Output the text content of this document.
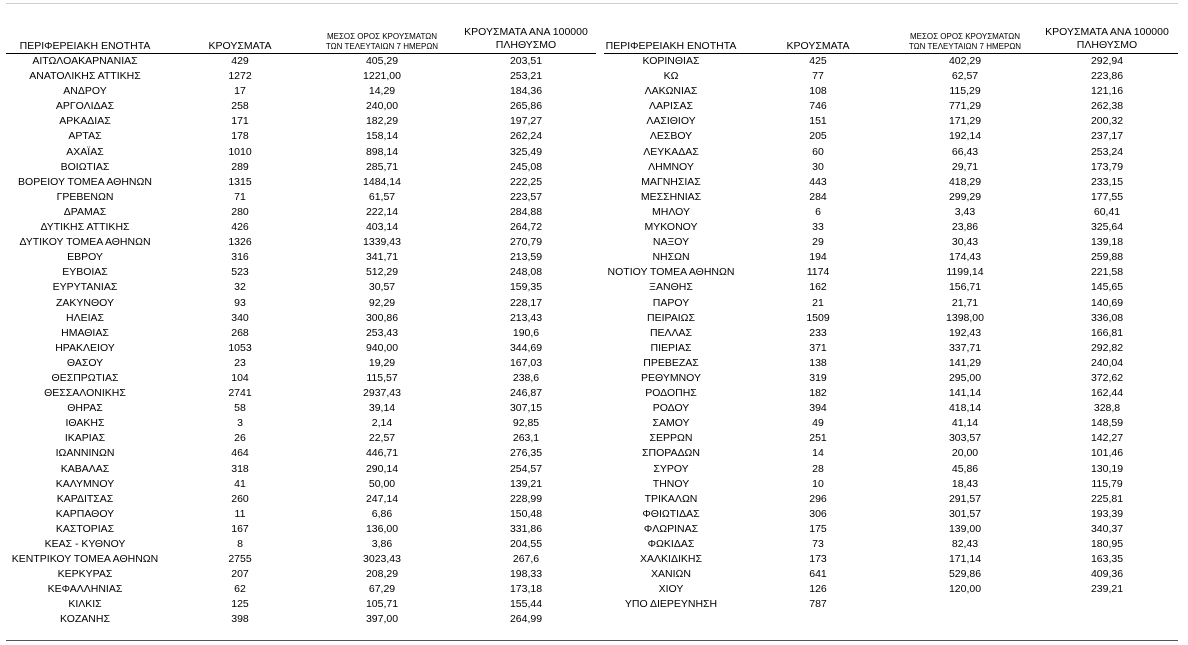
ΠΕΡΙΦΕΡΕΙΑΚΗ ΕΝΟΤΗΤΑ	ΚΡΟΥΣΜΑΤΑ
ΜΕΣΟΣ ΟΡΟΣ ΚΡΟΥΣΜΑΤΩΝ
ΤΩΝ ΤΕΛΕΥΤΑΙΩΝ 7 ΗΜΕΡΩΝ
ΚΡΟΥΣΜΑΤΑ ΑΝΑ 100000
ΠΛΗΘΥΣΜΟ
ΑΙΤΩΛΟΑΚΑΡΝΑΝΙΑΣ	429	405,29	203,51
ΑΝΑΤΟΛΙΚΗΣ ΑΤΤΙΚΗΣ	1272	1221,00	253,21
ΑΝΔΡΟΥ	17	14,29	184,36
ΑΡΓΟΛΙΔΑΣ	258	240,00	265,86
ΑΡΚΑΔΙΑΣ	171	182,29	197,27
ΑΡΤΑΣ	178	158,14	262,24
ΑΧΑΪΑΣ	1010	898,14	325,49
ΒΟΙΩΤΙΑΣ	289	285,71	245,08
ΒΟΡΕΙΟΥ ΤΟΜΕΑ ΑΘΗΝΩΝ	1315	1484,14	222,25
ΓΡΕΒΕΝΩΝ	71	61,57	223,57
ΔΡΑΜΑΣ	280	222,14	284,88
ΔΥΤΙΚΗΣ ΑΤΤΙΚΗΣ	426	403,14	264,72
ΔΥΤΙΚΟΥ ΤΟΜΕΑ ΑΘΗΝΩΝ	1326	1339,43	270,79
ΕΒΡΟΥ	316	341,71	213,59
ΕΥΒΟΙΑΣ	523	512,29	248,08
ΕΥΡΥΤΑΝΙΑΣ	32	30,57	159,35
ΖΑΚΥΝΘΟΥ	93	92,29	228,17
ΗΛΕΙΑΣ	340	300,86	213,43
ΗΜΑΘΙΑΣ	268	253,43	190,6
ΗΡΑΚΛΕΙΟΥ	1053	940,00	344,69
ΘΑΣΟΥ	23	19,29	167,03
ΘΕΣΠΡΩΤΙΑΣ	104	115,57	238,6
ΘΕΣΣΑΛΟΝΙΚΗΣ	2741	2937,43	246,87
ΘΗΡΑΣ	58	39,14	307,15
ΙΘΑΚΗΣ	3	2,14	92,85
ΙΚΑΡΙΑΣ	26	22,57	263,1
ΙΩΑΝΝΙΝΩΝ	464	446,71	276,35
ΚΑΒΑΛΑΣ	318	290,14	254,57
ΚΑΛΥΜΝΟΥ	41	50,00	139,21
ΚΑΡΔΙΤΣΑΣ	260	247,14	228,99
ΚΑΡΠΑΘΟΥ	11	6,86	150,48
ΚΑΣΤΟΡΙΑΣ	167	136,00	331,86
ΚΕΑΣ - ΚΥΘΝΟΥ	8	3,86	204,55
ΚΕΝΤΡΙΚΟΥ ΤΟΜΕΑ ΑΘΗΝΩΝ	2755	3023,43	267,6
ΚΕΡΚΥΡΑΣ	207	208,29	198,33
ΚΕΦΑΛΛΗΝΙΑΣ	62	67,29	173,18
ΚΙΛΚΙΣ	125	105,71	155,44
ΚΟΖΑΝΗΣ	398	397,00	264,99
ΠΕΡΙΦΕΡΕΙΑΚΗ ΕΝΟΤΗΤΑ	ΚΡΟΥΣΜΑΤΑ
ΜΕΣΟΣ ΟΡΟΣ ΚΡΟΥΣΜΑΤΩΝ
ΤΩΝ ΤΕΛΕΥΤΑΙΩΝ 7 ΗΜΕΡΩΝ
ΚΡΟΥΣΜΑΤΑ ΑΝΑ 100000
ΠΛΗΘΥΣΜΟ
ΚΟΡΙΝΘΙΑΣ	425	402,29	292,94
ΚΩ	77	62,57	223,86
ΛΑΚΩΝΙΑΣ	108	115,29	121,16
ΛΑΡΙΣΑΣ	746	771,29	262,38
ΛΑΣΙΘΙΟΥ	151	171,29	200,32
ΛΕΣΒΟΥ	205	192,14	237,17
ΛΕΥΚΑΔΑΣ	60	66,43	253,24
ΛΗΜΝΟΥ	30	29,71	173,79
ΜΑΓΝΗΣΙΑΣ	443	418,29	233,15
ΜΕΣΣΗΝΙΑΣ	284	299,29	177,55
ΜΗΛΟΥ	6	3,43	60,41
ΜΥΚΟΝΟΥ	33	23,86	325,64
ΝΑΞΟΥ	29	30,43	139,18
ΝΗΣΩΝ	194	174,43	259,88
ΝΟΤΙΟΥ ΤΟΜΕΑ ΑΘΗΝΩΝ	1174	1199,14	221,58
ΞΑΝΘΗΣ	162	156,71	145,65
ΠΑΡΟΥ	21	21,71	140,69
ΠΕΙΡΑΙΩΣ	1509	1398,00	336,08
ΠΕΛΛΑΣ	233	192,43	166,81
ΠΙΕΡΙΑΣ	371	337,71	292,82
ΠΡΕΒΕΖΑΣ	138	141,29	240,04
ΡΕΘΥΜΝΟΥ	319	295,00	372,62
ΡΟΔΟΠΗΣ	182	141,14	162,44
ΡΟΔΟΥ	394	418,14	328,8
ΣΑΜΟΥ	49	41,14	148,59
ΣΕΡΡΩΝ	251	303,57	142,27
ΣΠΟΡΑΔΩΝ	14	20,00	101,46
ΣΥΡΟΥ	28	45,86	130,19
ΤΗΝΟΥ	10	18,43	115,79
ΤΡΙΚΑΛΩΝ	296	291,57	225,81
ΦΘΙΩΤΙΔΑΣ	306	301,57	193,39
ΦΛΩΡΙΝΑΣ	175	139,00	340,37
ΦΩΚΙΔΑΣ	73	82,43	180,95
ΧΑΛΚΙΔΙΚΗΣ	173	171,14	163,35
ΧΑΝΙΩΝ	641	529,86	409,36
ΧΙΟΥ	126	120,00	239,21
ΥΠΟ ΔΙΕΡΕΥΝΗΣΗ	787
